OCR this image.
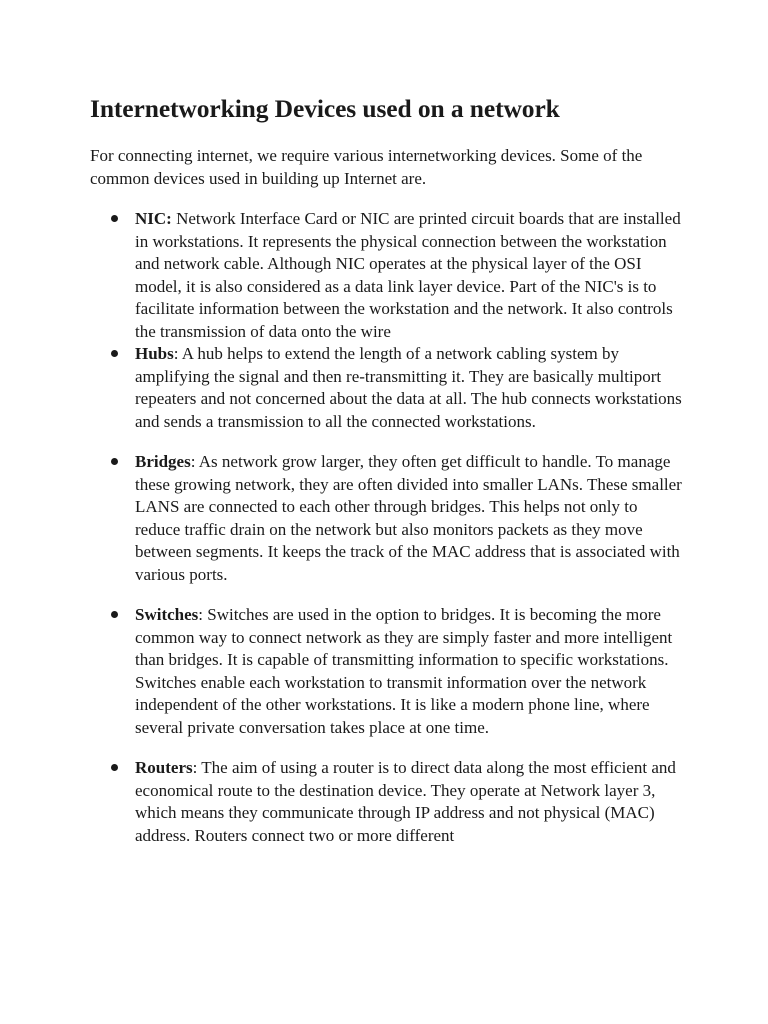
Internetworking Devices used on a network

For connecting internet, we require various internetworking devices. Some of the common devices used in building up Internet are.

NIC: Network Interface Card or NIC are printed circuit boards that are installed in workstations. It represents the physical connection between the workstation and network cable. Although NIC operates at the physical layer of the OSI model, it is also considered as a data link layer device. Part of the NIC's is to facilitate information between the workstation and the network. It also controls the transmission of data onto the wire
Hubs: A hub helps to extend the length of a network cabling system by amplifying the signal and then re-transmitting it. They are basically multiport repeaters and not concerned about the data at all. The hub connects workstations and sends a transmission to all the connected workstations.
Bridges: As network grow larger, they often get difficult to handle. To manage these growing network, they are often divided into smaller LANs. These smaller LANS are connected to each other through bridges. This helps not only to reduce traffic drain on the network but also monitors packets as they move between segments. It keeps the track of the MAC address that is associated with various ports.
Switches: Switches are used in the option to bridges. It is becoming the more common way to connect network as they are simply faster and more intelligent than bridges. It is capable of transmitting information to specific workstations. Switches enable each workstation to transmit information over the network independent of the other workstations. It is like a modern phone line, where several private conversation takes place at one time.
Routers: The aim of using a router is to direct data along the most efficient and economical route to the destination device. They operate at Network layer 3, which means they communicate through IP address and not physical (MAC) address. Routers connect two or more different
